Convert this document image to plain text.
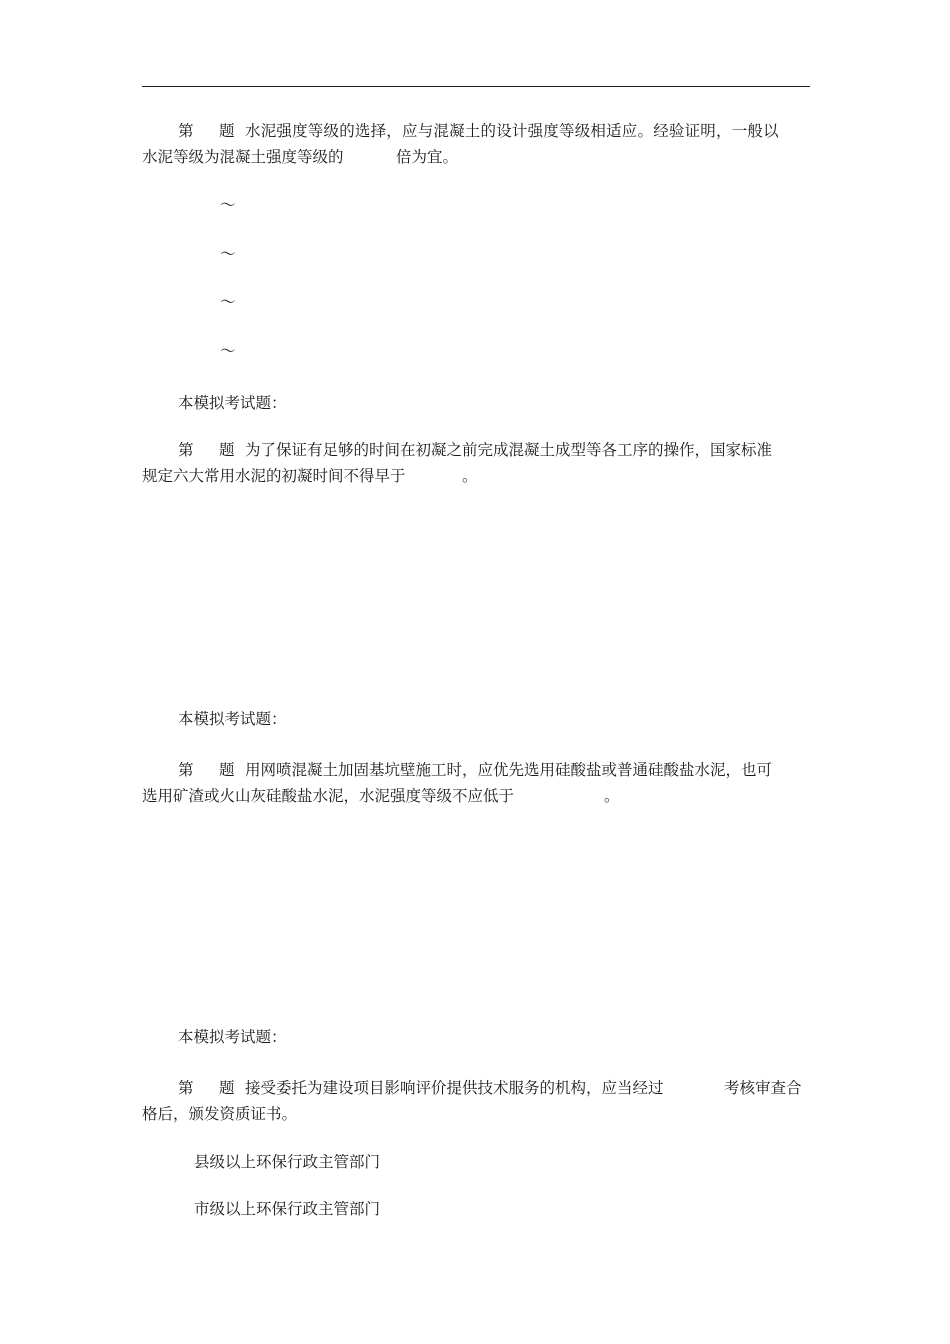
第 题 水泥强度等级的选择，应与混凝土的设计强度等级相适应。经验证明，一般以
水泥等级为混凝土强度等级的	倍为宜。
～
～
～
～
本模拟考试题：
第 题 为了保证有足够的时间在初凝之前完成混凝土成型等各工序的操作，国家标准
规定六大常用水泥的初凝时间不得早于	。
本模拟考试题：
第 题 用网喷混凝土加固基坑壁施工时，应优先选用硅酸盐或普通硅酸盐水泥，也可
选用矿渣或火山灰硅酸盐水泥，水泥强度等级不应低于	。
本模拟考试题：
第 题 接受委托为建设项目影响评价提供技术服务的机构，应当经过	考核审查合
格后，颁发资质证书。
县级以上环保行政主管部门
市级以上环保行政主管部门
